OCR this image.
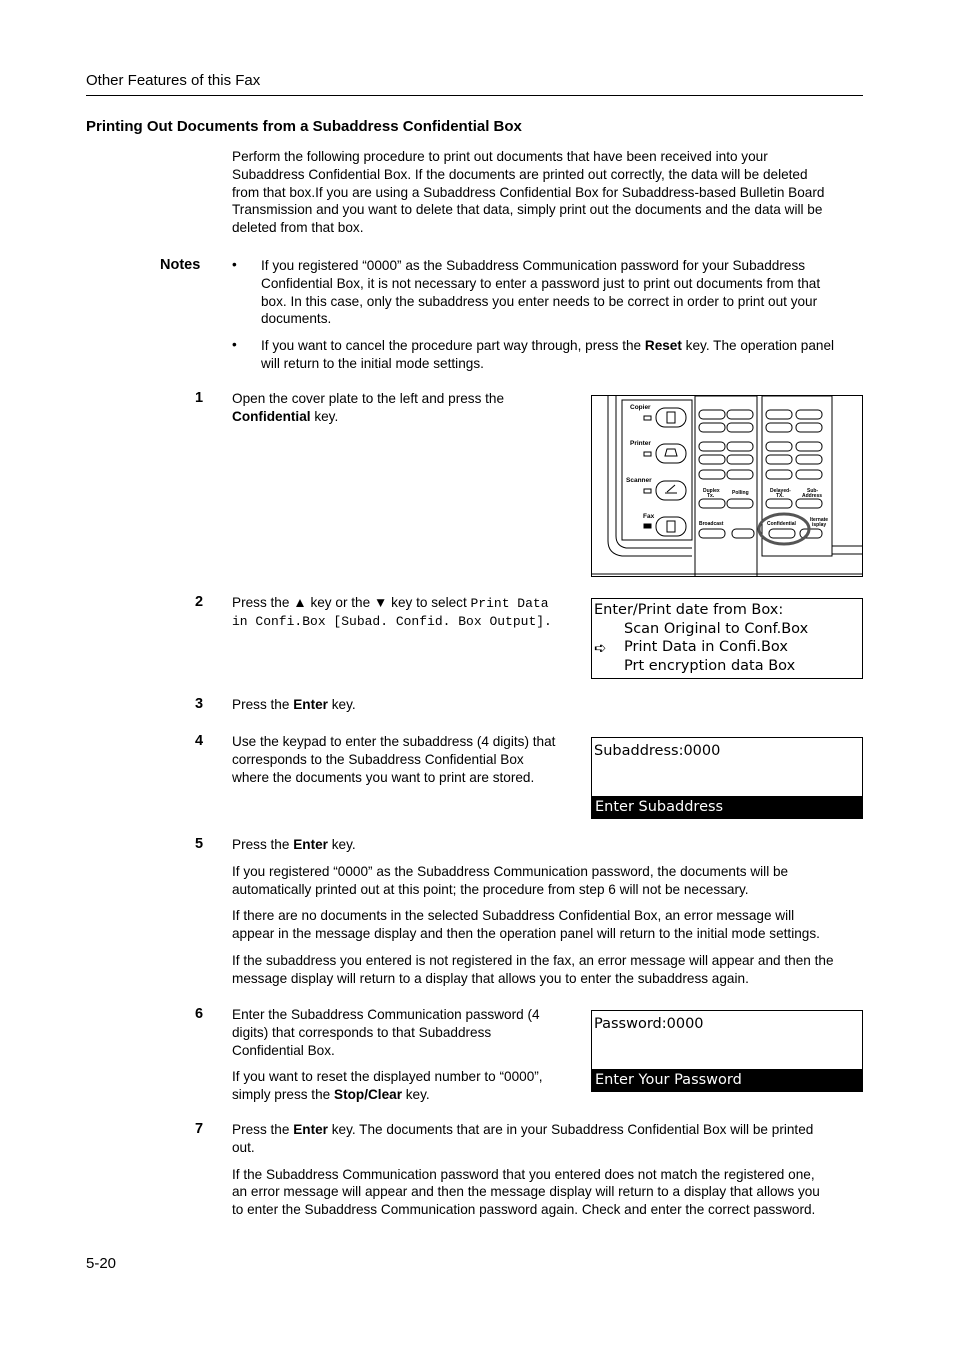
Other Features of this Fax
Printing Out Documents from a Subaddress Confidential Box
Perform the following procedure to print out documents that have been received into your
Subaddress Confidential Box. If the documents are printed out correctly, the data will be deleted
from that box.If you are using a Subaddress Confidential Box for Subaddress-based Bulletin Board
Transmission and you want to delete that data, simply print out the documents and the data will be
deleted from that box.
Notes • If you registered “0000” as the Subaddress Communication password for your Subaddress
Confidential Box, it is not necessary to enter a password just to print out documents from that
box. In this case, only the subaddress you enter needs to be correct in order to print out your
documents.
• If you want to cancel the procedure part way through, press the Reset key. The operation panel
will return to the initial mode settings.
1 Open the cover plate to the left and press the
Confidential key.
Copier
Printer
Scanner
Fax
Duplex
Tx.	Polling	Delayed-
TX.
Sub-
Address
Broadcast	Confidential
lternate
isplay
2 Press the ▲ key or the ▼ key to select Print Data
in Confi.Box [Subad. Confid. Box Output].
Enter/Print date from Box:
Scan Original to Conf.Box
➪ Print Data in Confi.Box
Prt encryption data Box
3 Press the Enter key.
4 Use the keypad to enter the subaddress (4 digits) that
corresponds to the Subaddress Confidential Box
where the documents you want to print are stored.
Subaddress:0000
Enter Subaddress
5 Press the Enter key.
If you registered “0000” as the Subaddress Communication password, the documents will be
automatically printed out at this point; the procedure from step 6 will not be necessary.
If there are no documents in the selected Subaddress Confidential Box, an error message will
appear in the message display and then the operation panel will return to the initial mode settings.
If the subaddress you entered is not registered in the fax, an error message will appear and then the
message display will return to a display that allows you to enter the subaddress again.
6 Enter the Subaddress Communication password (4
digits) that corresponds to that Subaddress
Confidential Box.
If you want to reset the displayed number to “0000”,
simply press the Stop/Clear key.
Password:0000
Enter Your Password
7 Press the Enter key. The documents that are in your Subaddress Confidential Box will be printed
out.
If the Subaddress Communication password that you entered does not match the registered one,
an error message will appear and then the message display will return to a display that allows you
to enter the Subaddress Communication password again. Check and enter the correct password.
5-20
